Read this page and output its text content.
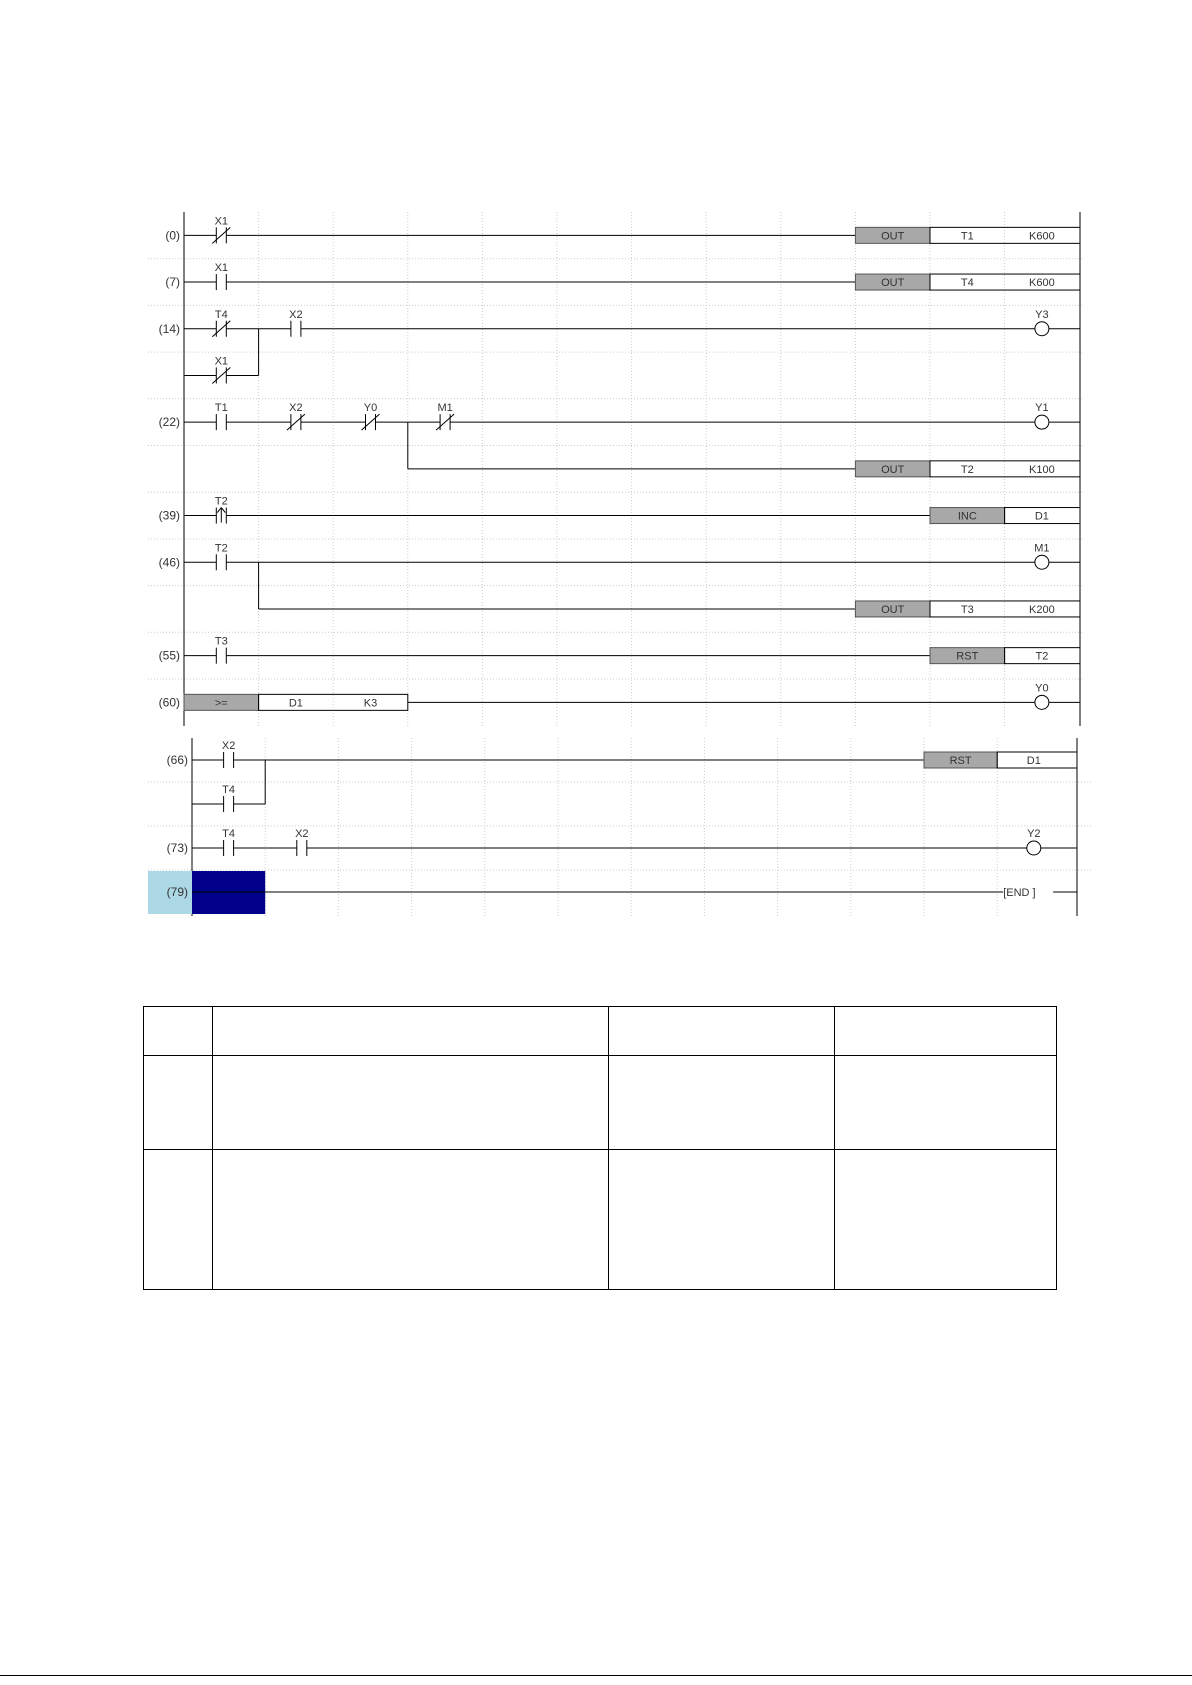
(0)
X1
OUT	T1	K600
(7)
X1
OUT	T4	K600
(14)
T4	X2	Y3
X1
(22)
T1	X2	Y0	M1	Y1
OUT	T2	K100
(39)
T2
INC	D1
(46)
T2	M1
OUT	T3	K200
(55)
T3
RST	T2
(60)	>=	D1	K3
Y0
(66)
X2
RST	D1
T4
(73)
T4	X2	Y2
(79)	[END ]
